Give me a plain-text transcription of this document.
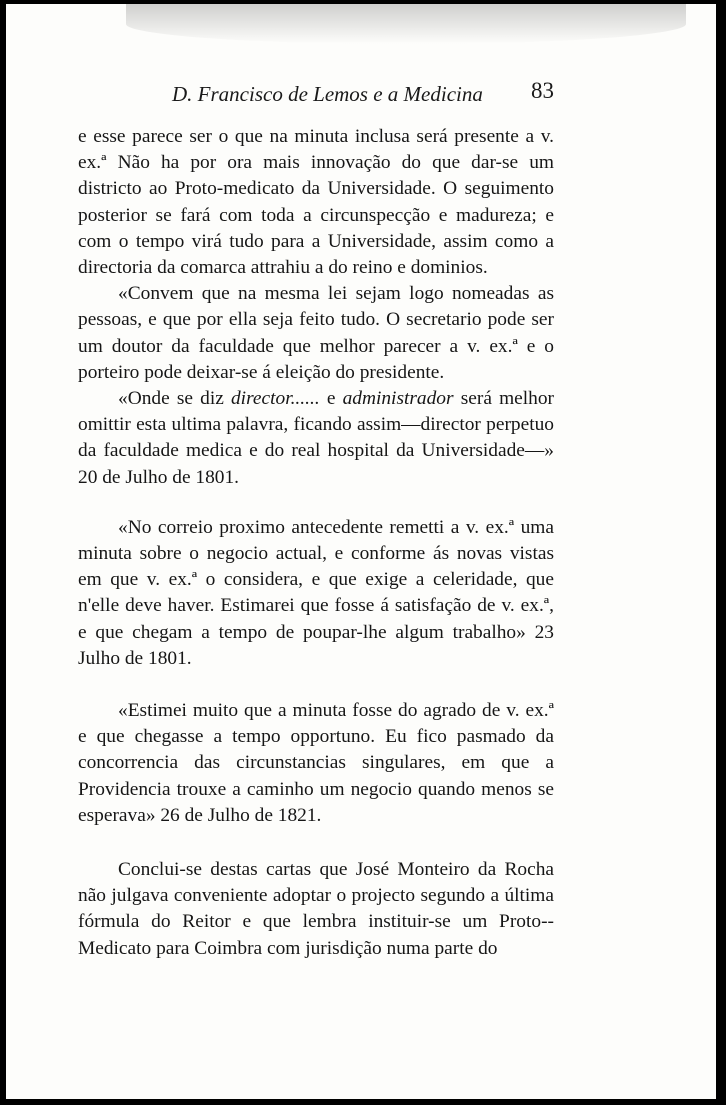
D. Francisco de Lemos e a Medicina 83

e esse parece ser o que na minuta inclusa será presente a v. ex.ª Não ha por ora mais innovação do que dar-se um districto ao Proto-medicato da Universidade. O seguimento posterior se fará com toda a circunspecção e madureza; e com o tempo virá tudo para a Universidade, assim como a directoria da comarca attrahiu a do reino e dominios.

«Convem que na mesma lei sejam logo nomeadas as pessoas, e que por ella seja feito tudo. O secretario pode ser um doutor da faculdade que melhor parecer a v. ex.ª e o porteiro pode deixar-se á eleição do presidente.

«Onde se diz director...... e administrador será melhor omittir esta ultima palavra, ficando assim—director perpetuo da faculdade medica e do real hospital da Universidade—» 20 de Julho de 1801.

«No correio proximo antecedente remetti a v. ex.ª uma minuta sobre o negocio actual, e conforme ás novas vistas em que v. ex.ª o considera, e que exige a celeridade, que n'elle deve haver. Estimarei que fosse á satisfação de v. ex.ª, e que chegam a tempo de poupar-lhe algum trabalho» 23 Julho de 1801.

«Estimei muito que a minuta fosse do agrado de v. ex.ª e que chegasse a tempo opportuno. Eu fico pasmado da concorrencia das circunstancias singulares, em que a Providencia trouxe a caminho um negocio quando menos se esperava» 26 de Julho de 1821.

Conclui-se destas cartas que José Monteiro da Rocha não julgava conveniente adoptar o projecto segundo a última fórmula do Reitor e que lembra instituir-se um Proto--Medicato para Coimbra com jurisdição numa parte do
